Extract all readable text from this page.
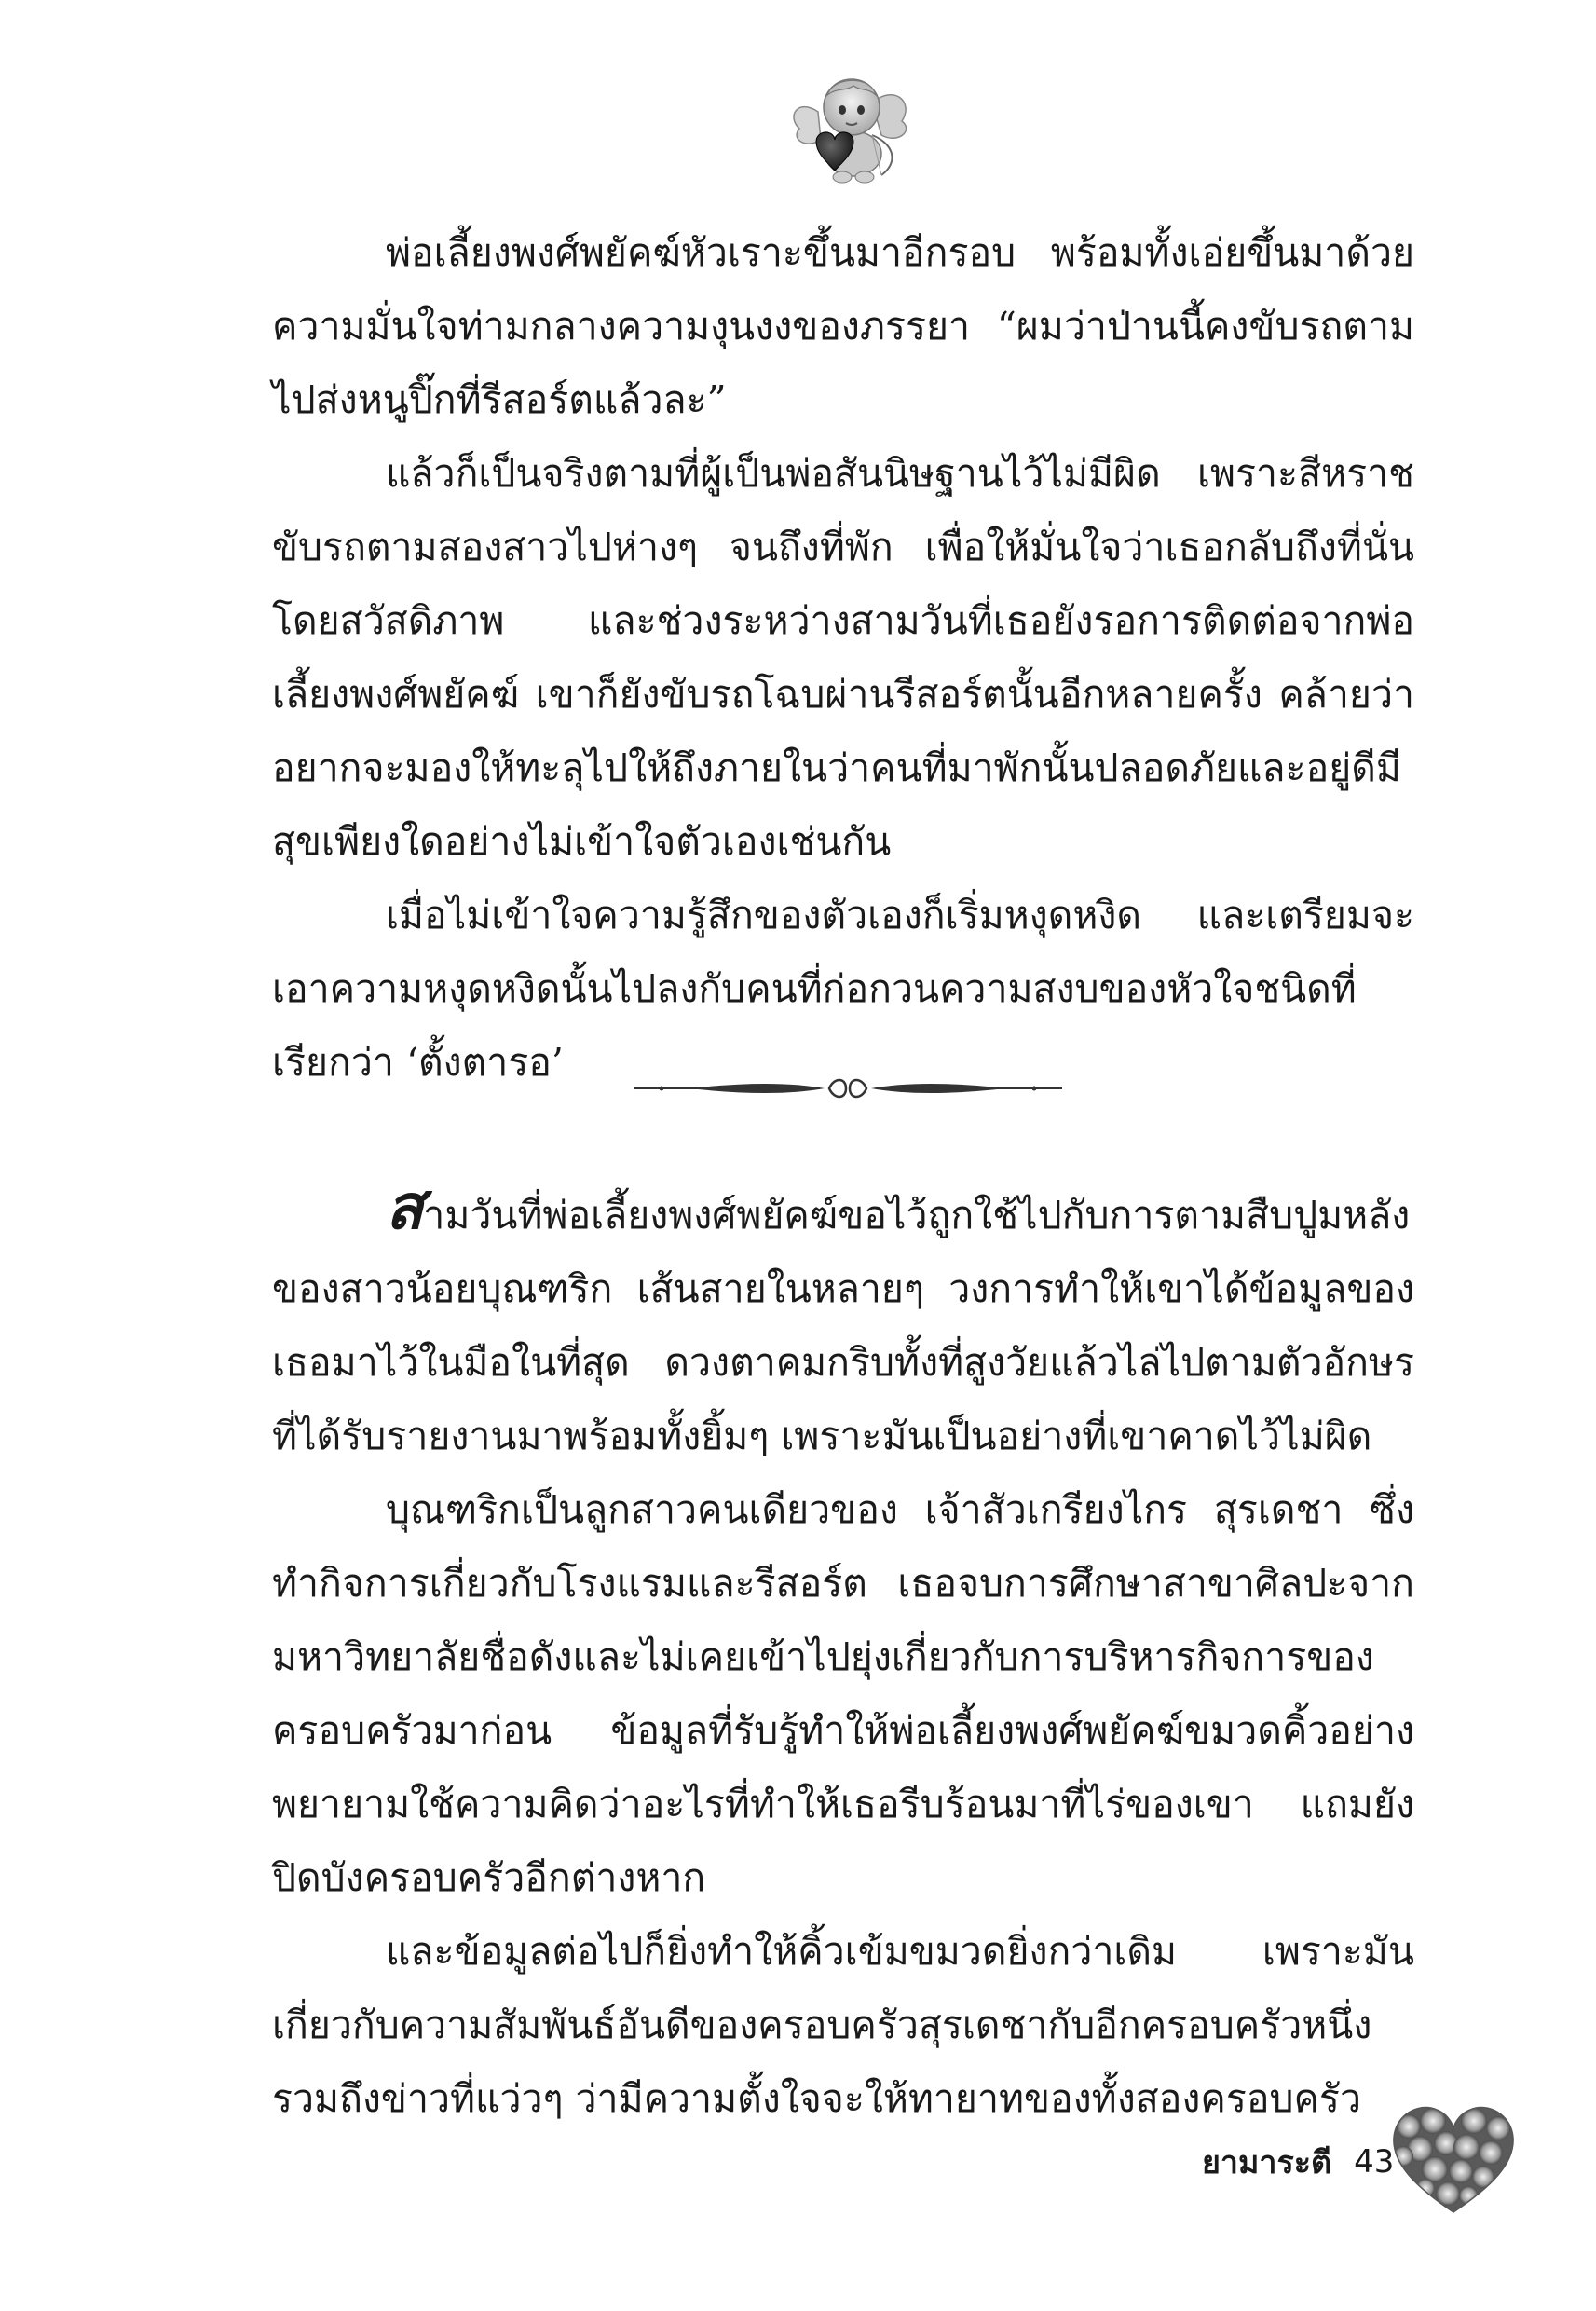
พ่อเลี้ยงพงศ์พยัคฆ์หัวเราะขึ้นมาอีกรอบ พร้อมทั้งเอ่ยขึ้นมาด้วยความมั่นใจท่ามกลางความงุนงงของภรรยา “ผมว่าป่านนี้คงขับรถตามไปส่งหนูปิ๊กที่รีสอร์ตแล้วละ”

แล้วก็เป็นจริงตามที่ผู้เป็นพ่อสันนิษฐานไว้ไม่มีผิด เพราะสีหราชขับรถตามสองสาวไปห่างๆ จนถึงที่พัก เพื่อให้มั่นใจว่าเธอกลับถึงที่นั่นโดยสวัสดิภาพ และช่วงระหว่างสามวันที่เธอยังรอการติดต่อจากพ่อเลี้ยงพงศ์พยัคฆ์ เขาก็ยังขับรถโฉบผ่านรีสอร์ตนั้นอีกหลายครั้ง คล้ายว่าอยากจะมองให้ทะลุไปให้ถึงภายในว่าคนที่มาพักนั้นปลอดภัยและอยู่ดีมีสุขเพียงใดอย่างไม่เข้าใจตัวเองเช่นกัน

เมื่อไม่เข้าใจความรู้สึกของตัวเองก็เริ่มหงุดหงิด และเตรียมจะเอาความหงุดหงิดนั้นไปลงกับคนที่ก่อกวนความสงบของหัวใจชนิดที่เรียกว่า ‘ตั้งตารอ’

สามวันที่พ่อเลี้ยงพงศ์พยัคฆ์ขอไว้ถูกใช้ไปกับการตามสืบปูมหลังของสาวน้อยบุณฑริก เส้นสายในหลายๆ วงการทำให้เขาได้ข้อมูลของเธอมาไว้ในมือในที่สุด ดวงตาคมกริบทั้งที่สูงวัยแล้วไล่ไปตามตัวอักษรที่ได้รับรายงานมาพร้อมทั้งยิ้มๆ เพราะมันเป็นอย่างที่เขาคาดไว้ไม่ผิด

บุณฑริกเป็นลูกสาวคนเดียวของ เจ้าสัวเกรียงไกร สุรเดชา ซึ่งทำกิจการเกี่ยวกับโรงแรมและรีสอร์ต เธอจบการศึกษาสาขาศิลปะจากมหาวิทยาลัยชื่อดังและไม่เคยเข้าไปยุ่งเกี่ยวกับการบริหารกิจการของครอบครัวมาก่อน ข้อมูลที่รับรู้ทำให้พ่อเลี้ยงพงศ์พยัคฆ์ขมวดคิ้วอย่างพยายามใช้ความคิดว่าอะไรที่ทำให้เธอรีบร้อนมาที่ไร่ของเขา แถมยังปิดบังครอบครัวอีกต่างหาก

และข้อมูลต่อไปก็ยิ่งทำให้คิ้วเข้มขมวดยิ่งกว่าเดิม เพราะมันเกี่ยวกับความสัมพันธ์อันดีของครอบครัวสุรเดชากับอีกครอบครัวหนึ่งรวมถึงข่าวที่แว่วๆ ว่ามีความตั้งใจจะให้ทายาทของทั้งสองครอบครัว

ยามาระตี 43
